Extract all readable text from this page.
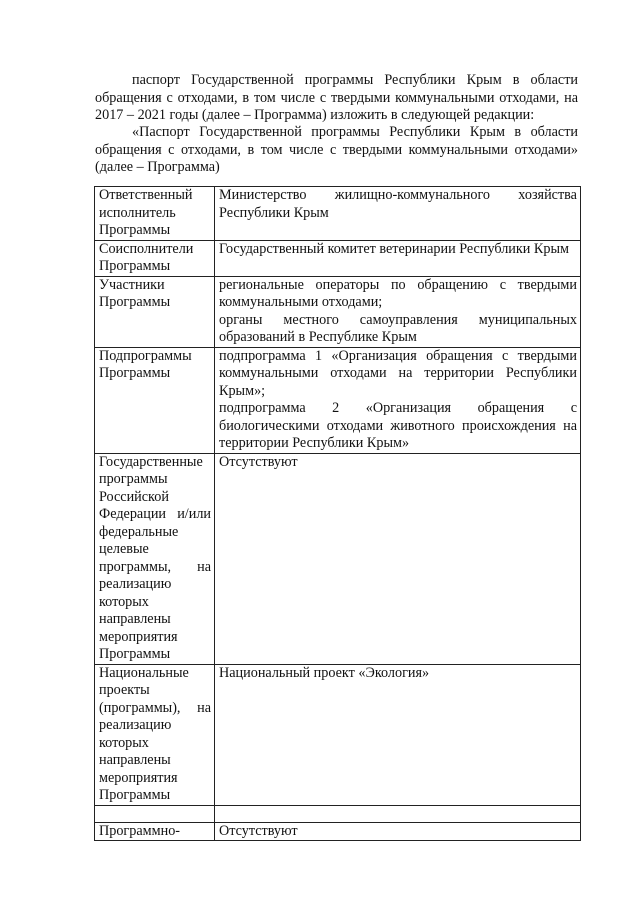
паспорт Государственной программы Республики Крым в области обращения с отходами, в том числе с твердыми коммунальными отходами, на 2017 – 2021 годы (далее – Программа) изложить в следующей редакции:

«Паспорт Государственной программы Республики Крым в области обращения с отходами, в том числе с твердыми коммунальными отходами» (далее – Программа)

Ответственный исполнитель Программы	Министерство жилищно-коммунального хозяйства Республики Крым

Соисполнители Программы	Государственный комитет ветеринарии Республики Крым

Участники Программы	региональные операторы по обращению с твердыми коммунальными отходами;
органы местного самоуправления муниципальных образований в Республике Крым

Подпрограммы Программы	подпрограмма 1 «Организация обращения с твердыми коммунальными отходами на территории Республики Крым»;
подпрограмма 2 «Организация обращения с биологическими отходами животного происхождения на территории Республики Крым»

Государственные программы Российской Федерации и/или федеральные целевые программы, на реализацию которых направлены мероприятия Программы	Отсутствуют

Национальные проекты (программы), на реализацию которых направлены мероприятия Программы	Национальный проект «Экология»

Программно-	Отсутствуют
